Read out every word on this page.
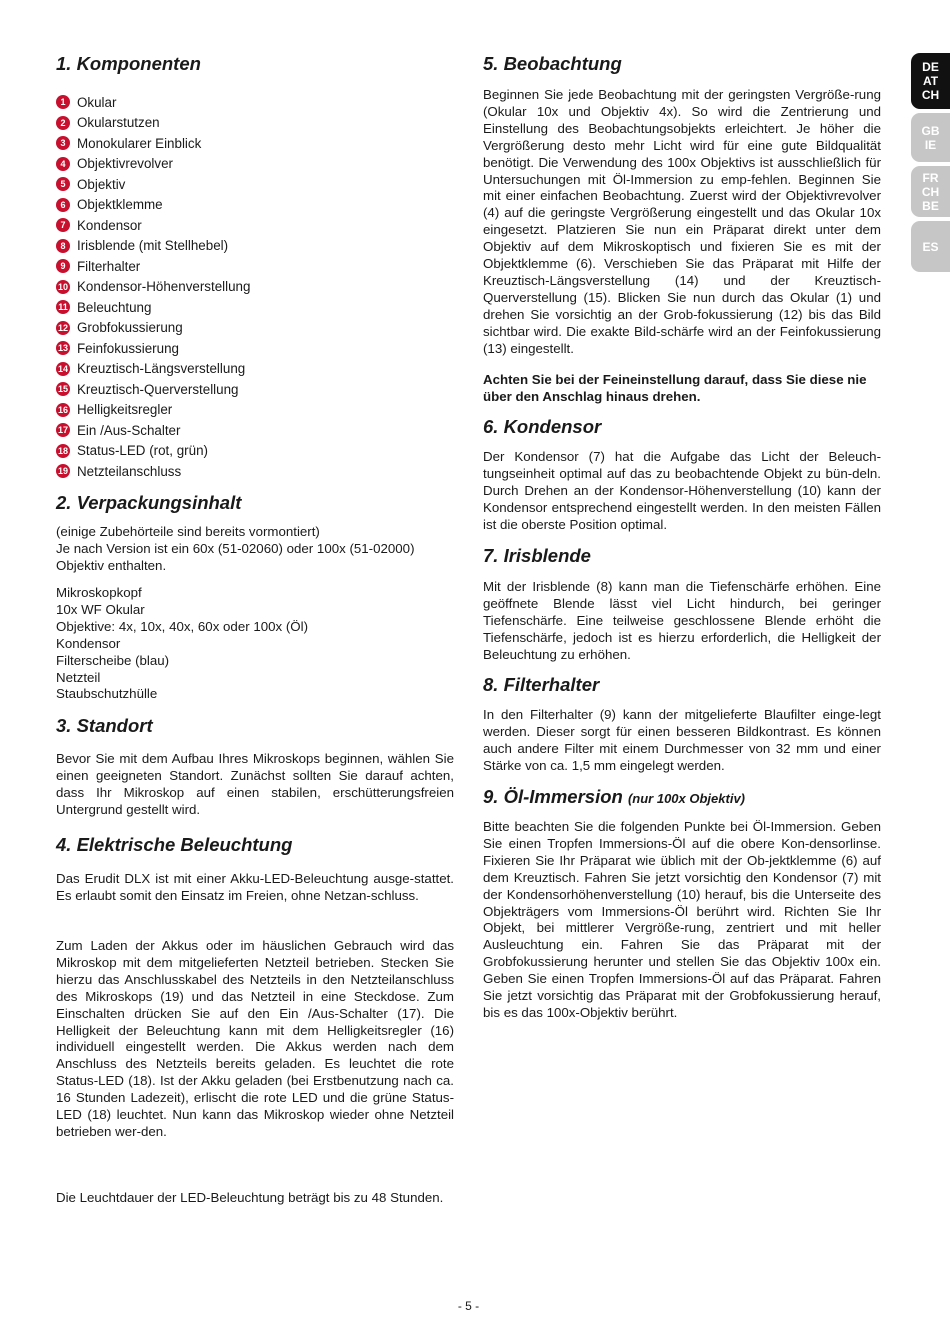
DE
AT
CH
GB
IE
FR
CH
BE
ES
1. Komponenten
1 Okular
2 Okularstutzen
3 Monokularer Einblick
4 Objektivrevolver
5 Objektiv
6 Objektklemme
7 Kondensor
8 Irisblende (mit Stellhebel)
9 Filterhalter
10 Kondensor-Höhenverstellung
11 Beleuchtung
12 Grobfokussierung
13 Feinfokussierung
14 Kreuztisch-Längsverstellung
15 Kreuztisch-Querverstellung
16 Helligkeitsregler
17 Ein /Aus-Schalter
18 Status-LED (rot, grün)
19 Netzteilanschluss
2. Verpackungsinhalt
(einige Zubehörteile sind bereits vormontiert)
Je nach Version ist ein 60x (51-02060) oder 100x (51-02000)
Objektiv enthalten.
Mikroskopkopf
10x WF Okular
Objektive: 4x, 10x, 40x, 60x oder 100x (Öl)
Kondensor
Filterscheibe (blau)
Netzteil
Staubschutzhülle
3. Standort

Bevor Sie mit dem Aufbau Ihres Mikroskops beginnen, wählen Sie einen geeigneten Standort. Zunächst sollten Sie darauf achten, dass Ihr Mikroskop auf einen stabilen, erschütterungsfreien Untergrund gestellt wird.

4. Elektrische Beleuchtung

Das Erudit DLX ist mit einer Akku-LED-Beleuchtung ausge-stattet. Es erlaubt somit den Einsatz im Freien, ohne Netzan-schluss.

Zum Laden der Akkus oder im häuslichen Gebrauch wird das Mikroskop mit dem mitgelieferten Netzteil betrieben. Stecken Sie hierzu das Anschlusskabel des Netzteils in den Netzteilanschluss des Mikroskops (19) und das Netzteil in eine Steckdose. Zum Einschalten drücken Sie auf den Ein /Aus-Schalter (17). Die Helligkeit der Beleuchtung kann mit dem Helligkeitsregler (16) individuell eingestellt werden. Die Akkus werden nach dem Anschluss des Netzteils bereits geladen. Es leuchtet die rote Status-LED (18). Ist der Akku geladen (bei Erstbenutzung nach ca. 16 Stunden Ladezeit), erlischt die rote LED und die grüne Status-LED (18) leuchtet. Nun kann das Mikroskop wieder ohne Netzteil betrieben wer-den.

Die Leuchtdauer der LED-Beleuchtung beträgt bis zu 48 Stunden.

5. Beobachtung

Beginnen Sie jede Beobachtung mit der geringsten Vergröße-rung (Okular 10x und Objektiv 4x). So wird die Zentrierung und Einstellung des Beobachtungsobjekts erleichtert. Je höher die Vergrößerung desto mehr Licht wird für eine gute Bildqualität benötigt. Die Verwendung des 100x Objektivs ist ausschließlich für Untersuchungen mit Öl-Immersion zu emp-fehlen. Beginnen Sie mit einer einfachen Beobachtung. Zuerst wird der Objektivrevolver (4) auf die geringste Vergrößerung eingestellt und das Okular 10x eingesetzt. Platzieren Sie nun ein Präparat direkt unter dem Objektiv auf dem Mikroskoptisch und fixieren Sie es mit der Objektklemme (6). Verschieben Sie das Präparat mit Hilfe der Kreuztisch-Längsverstellung (14) und der Kreuztisch-Querverstellung (15). Blicken Sie nun durch das Okular (1) und drehen Sie vorsichtig an der Grob-fokussierung (12) bis das Bild sichtbar wird. Die exakte Bild-schärfe wird an der Feinfokussierung (13) eingestellt.

Achten Sie bei der Feineinstellung darauf, dass Sie diese nie über den Anschlag hinaus drehen.

6. Kondensor

Der Kondensor (7) hat die Aufgabe das Licht der Beleuch-tungseinheit optimal auf das zu beobachtende Objekt zu bün-deln. Durch Drehen an der Kondensor-Höhenverstellung (10) kann der Kondensor entsprechend eingestellt werden. In den meisten Fällen ist die oberste Position optimal.

7. Irisblende

Mit der Irisblende (8) kann man die Tiefenschärfe erhöhen. Eine geöffnete Blende lässt viel Licht hindurch, bei geringer Tiefenschärfe. Eine teilweise geschlossene Blende erhöht die Tiefenschärfe, jedoch ist es hierzu erforderlich, die Helligkeit der Beleuchtung zu erhöhen.

8. Filterhalter

In den Filterhalter (9) kann der mitgelieferte Blaufilter einge-legt werden. Dieser sorgt für einen besseren Bildkontrast. Es können auch andere Filter mit einem Durchmesser von 32 mm und einer Stärke von ca. 1,5 mm eingelegt werden.

9. Öl-Immersion (nur 100x Objektiv)

Bitte beachten Sie die folgenden Punkte bei Öl-Immersion. Geben Sie einen Tropfen Immersions-Öl auf die obere Kon-densorlinse. Fixieren Sie Ihr Präparat wie üblich mit der Ob-jektklemme (6) auf dem Kreuztisch. Fahren Sie jetzt vorsichtig den Kondensor (7) mit der Kondensorhöhenverstellung (10) herauf, bis die Unterseite des Objekträgers vom Immersions-Öl berührt wird. Richten Sie Ihr Objekt, bei mittlerer Vergröße-rung, zentriert und mit heller Ausleuchtung ein. Fahren Sie das Präparat mit der Grobfokussierung herunter und stellen Sie das Objektiv 100x ein. Geben Sie einen Tropfen Immersions-Öl auf das Präparat. Fahren Sie jetzt vorsichtig das Präparat mit der Grobfokussierung herauf, bis es das 100x-Objektiv berührt.

- 5 -
